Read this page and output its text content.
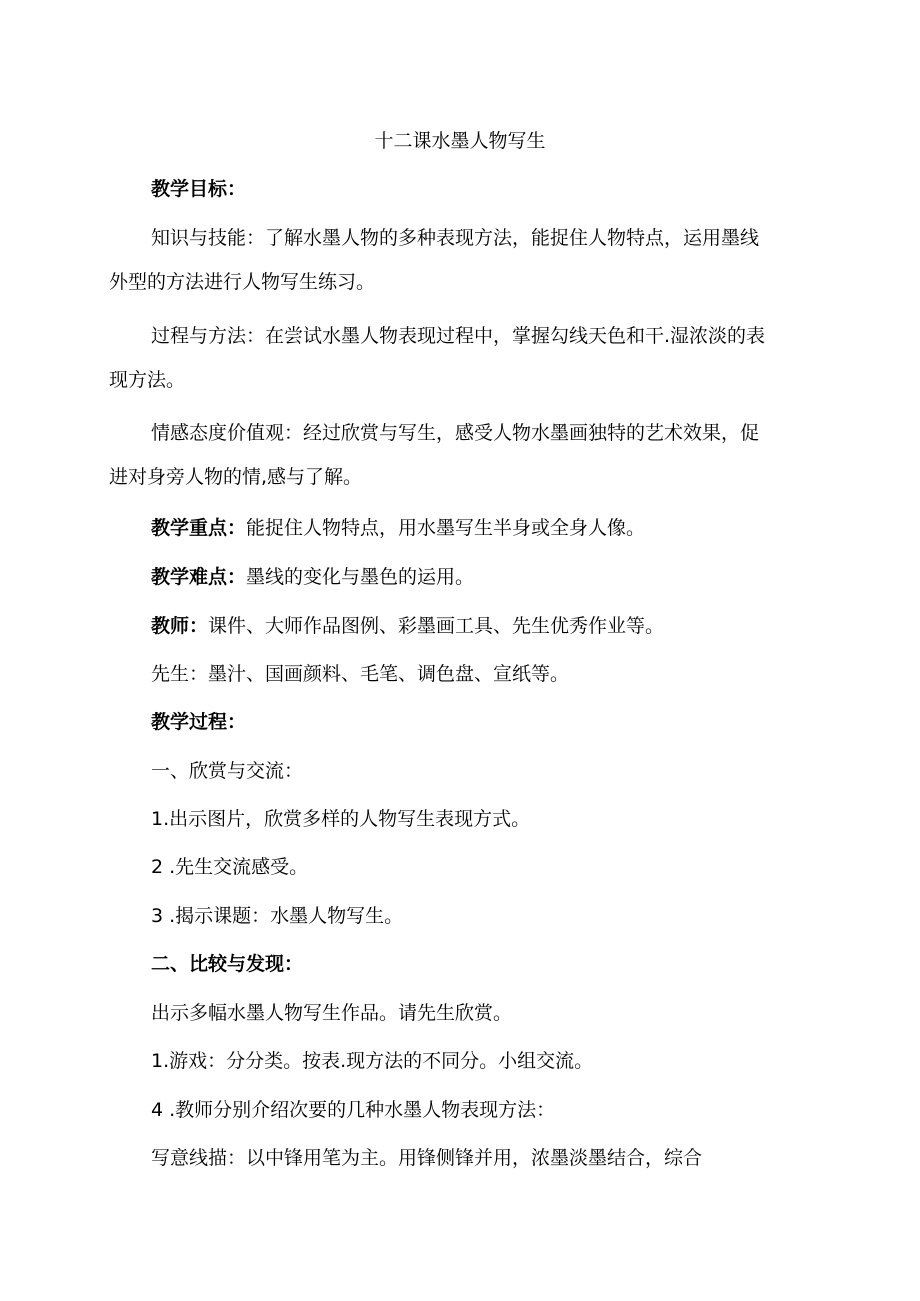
十二课水墨人物写生
教学目标：
知识与技能：了解水墨人物的多种表现方法，能捉住人物特点，运用墨线
外型的方法进行人物写生练习。
过程与方法：在尝试水墨人物表现过程中，掌握勾线天色和干.湿浓淡的表
现方法。
情感态度价值观：经过欣赏与写生，感受人物水墨画独特的艺术效果，促
进对身旁人物的情,感与了解。
教学重点：能捉住人物特点，用水墨写生半身或全身人像。
教学难点：墨线的变化与墨色的运用。
教师：课件、大师作品图例、彩墨画工具、先生优秀作业等。
先生：墨汁、国画颜料、毛笔、调色盘、宣纸等。
教学过程：
一、欣赏与交流：
1.出示图片，欣赏多样的人物写生表现方式。
2 .先生交流感受。
3 .揭示课题：水墨人物写生。
二、比较与发现：
出示多幅水墨人物写生作品。请先生欣赏。
1.游戏：分分类。按表.现方法的不同分。小组交流。
4 .教师分别介绍次要的几种水墨人物表现方法：
写意线描：以中锋用笔为主。用锋侧锋并用，浓墨淡墨结合，综合
